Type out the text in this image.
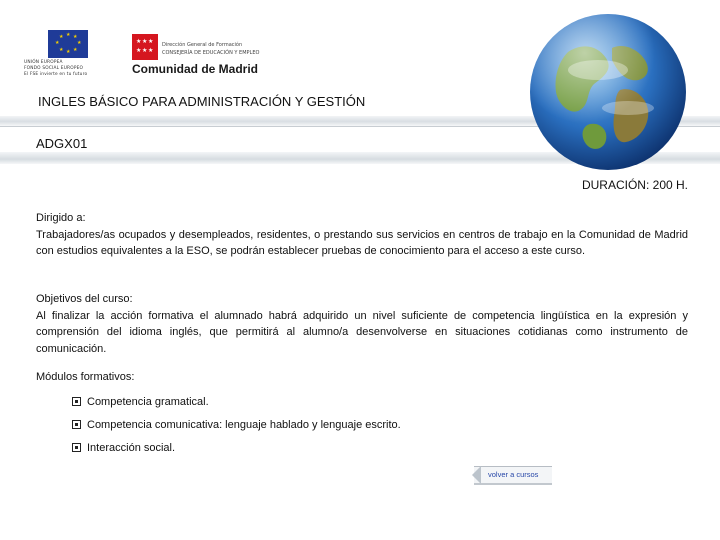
★ ★
★
★
★
★
★
★
UNIÓN EUROPEA
FONDO SOCIAL EUROPEO
El FSE invierte en tu futuro
★ ★ ★
★ ★ ★
Dirección General de Formación
CONSEJERÍA DE EDUCACIÓN Y EMPLEO
Comunidad de Madrid
INGLES BÁSICO PARA ADMINISTRACIÓN Y GESTIÓN
ADGX01
DURACIÓN: 200 H.
Dirigido a:
Trabajadores/as ocupados y desempleados, residentes, o prestando sus servicios en centros de trabajo en la Comunidad de Madrid con estudios equivalentes a la ESO, se podrán establecer pruebas de conocimiento para el acceso a este curso.
Objetivos del curso:
Al finalizar la acción formativa el alumnado habrá adquirido un nivel suficiente de competencia lingüística en la expresión y comprensión del idioma inglés, que permitirá al alumno/a desenvolverse en situaciones cotidianas como instrumento de comunicación.
Módulos formativos:
Competencia gramatical.
Competencia comunicativa: lenguaje hablado y lenguaje escrito.
Interacción social.
volver a cursos
